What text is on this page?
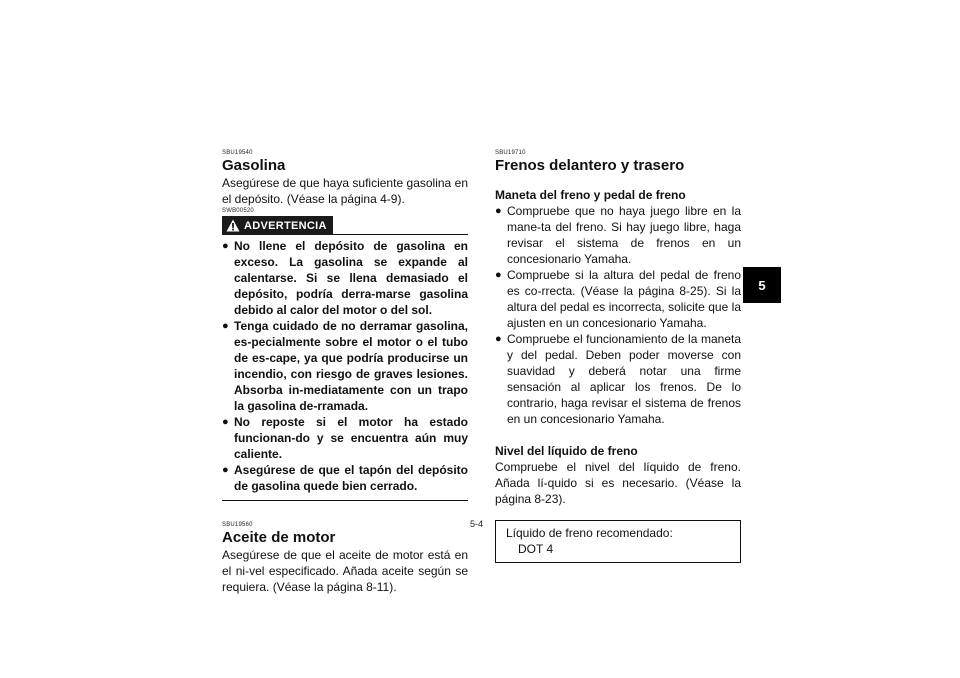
SBU19540
Gasolina

Asegúrese de que haya suficiente gasolina en el depósito. (Véase la página 4-9).

SWB00520
ADVERTENCIA
● No llene el depósito de gasolina en exceso. La gasolina se expande al calentarse. Si se llena demasiado el depósito, podría derra-marse gasolina debido al calor del motor o del sol.
● Tenga cuidado de no derramar gasolina, es-pecialmente sobre el motor o el tubo de es-cape, ya que podría producirse un incendio, con riesgo de graves lesiones. Absorba in-mediatamente con un trapo la gasolina de-rramada.
● No reposte si el motor ha estado funcionan-do y se encuentra aún muy caliente.
● Asegúrese de que el tapón del depósito de gasolina quede bien cerrado.
SBU19560
Aceite de motor

Asegúrese de que el aceite de motor está en el ni-vel especificado. Añada aceite según se requiera. (Véase la página 8-11).

SBU19710
Frenos delantero y trasero
Maneta del freno y pedal de freno
● Compruebe que no haya juego libre en la mane-ta del freno. Si hay juego libre, haga revisar el sistema de frenos en un concesionario Yamaha.
● Compruebe si la altura del pedal de freno es co-rrecta. (Véase la página 8-25). Si la altura del pedal es incorrecta, solicite que la ajusten en un concesionario Yamaha.
● Compruebe el funcionamiento de la maneta y del pedal. Deben poder moverse con suavidad y deberá notar una firme sensación al aplicar los frenos. De lo contrario, haga revisar el sistema de frenos en un concesionario Yamaha.
Nivel del líquido de freno

Compruebe el nivel del líquido de freno. Añada lí-quido si es necesario. (Véase la página 8-23).

Líquido de freno recomendado:
DOT 4
5
5-4
